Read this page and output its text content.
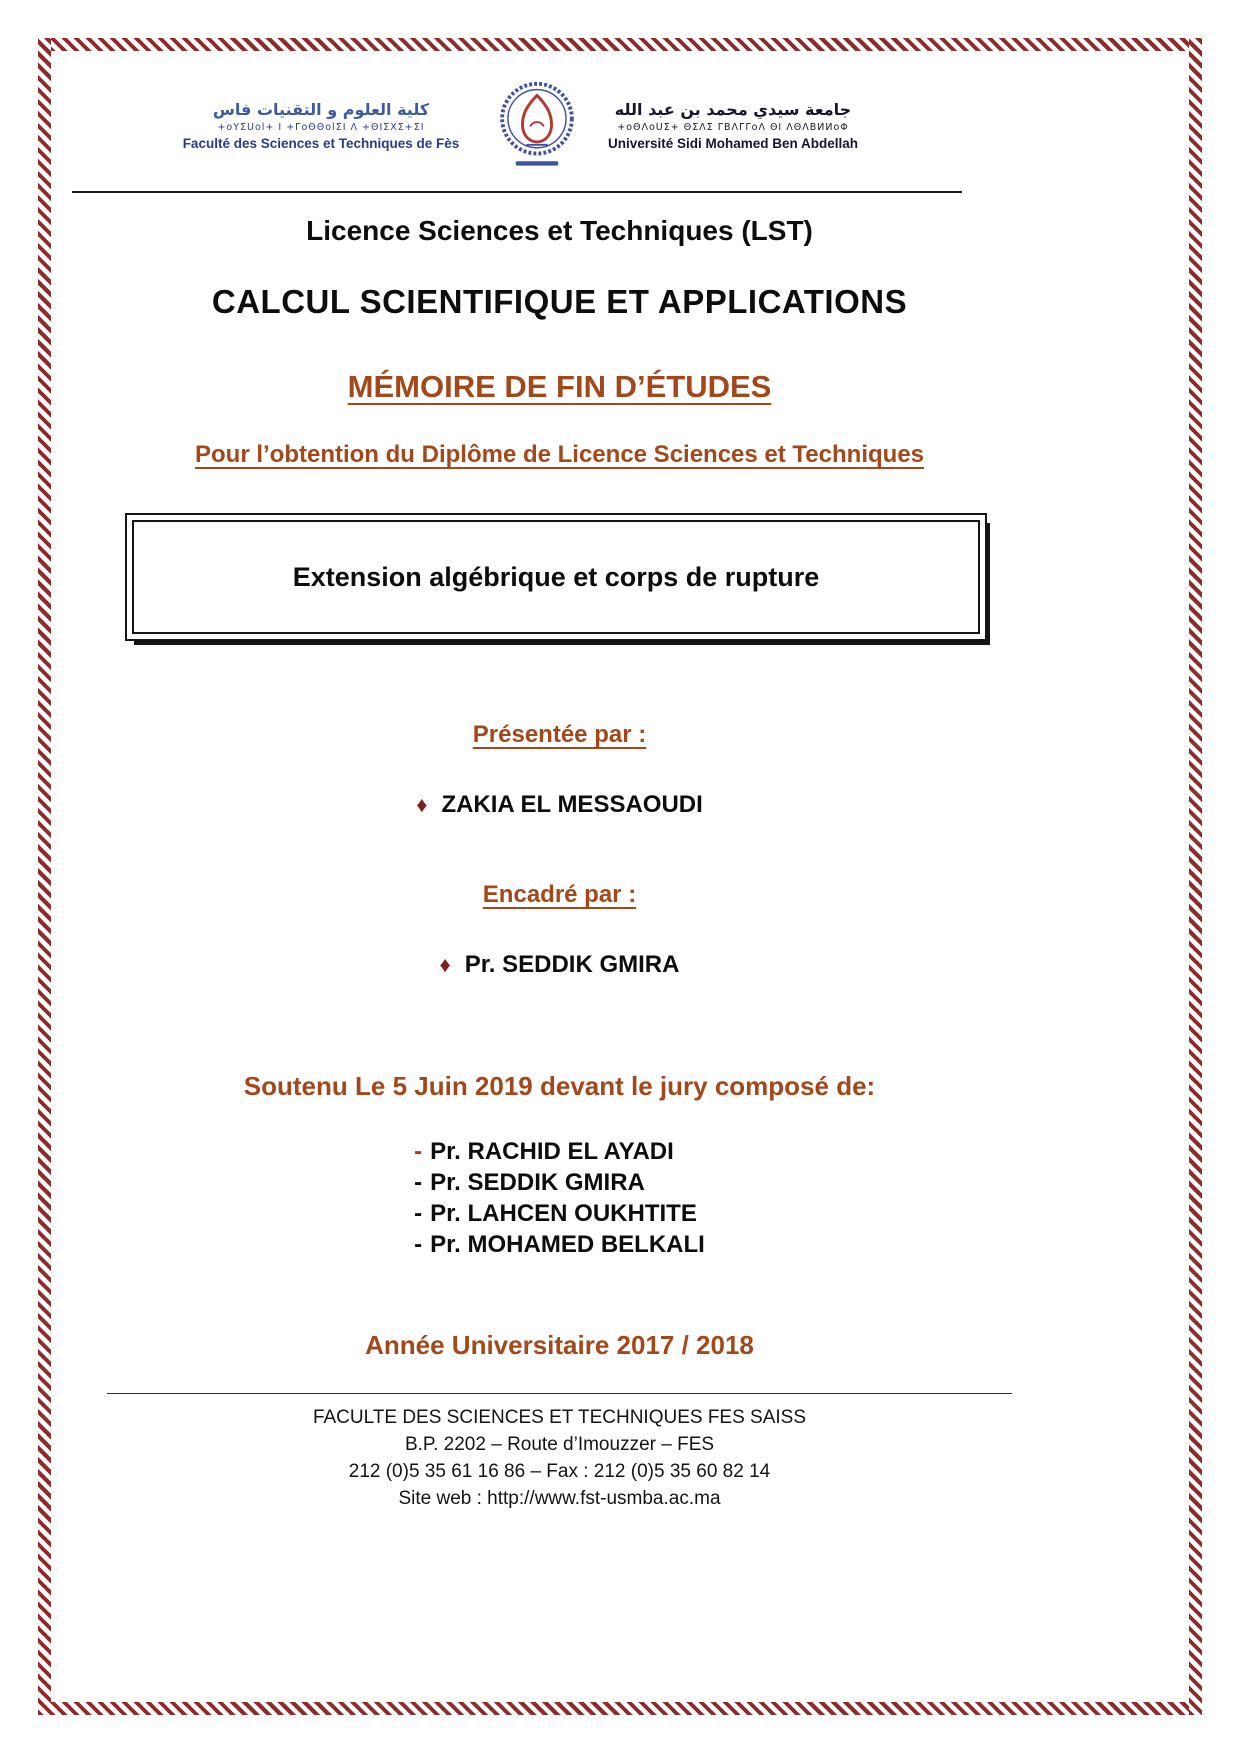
كلية العلوم و التقنيات فاس
+oYΣUol+ I +ΓoΘΘolΣI Λ +ΘIΣXΣ+ΣI
Faculté des Sciences et Techniques de Fès
جامعة سيدي محمد بن عبد الله
+oΘΛoUΣ+ ΘΣΛΣ ΓΒΛΓΓoΛ ΘI ΛΘΛΒИИoΦ
Université Sidi Mohamed Ben Abdellah
Licence Sciences et Techniques (LST)
CALCUL SCIENTIFIQUE ET APPLICATIONS
MÉMOIRE DE FIN D’ÉTUDES
Pour l’obtention du Diplôme de Licence Sciences et Techniques
Extension algébrique et corps de rupture
Présentée par :
♦ ZAKIA EL MESSAOUDI
Encadré par :
♦ Pr. SEDDIK GMIRA
Soutenu Le 5 Juin 2019 devant le jury composé de:
- Pr. RACHID EL AYADI
- Pr. SEDDIK GMIRA
- Pr. LAHCEN OUKHTITE
- Pr. MOHAMED BELKALI
Année Universitaire 2017 / 2018
FACULTE DES SCIENCES ET TECHNIQUES FES SAISS
B.P. 2202 – Route d’Imouzzer – FES
212 (0)5 35 61 16 86 – Fax : 212 (0)5 35 60 82 14
Site web : http://www.fst-usmba.ac.ma
